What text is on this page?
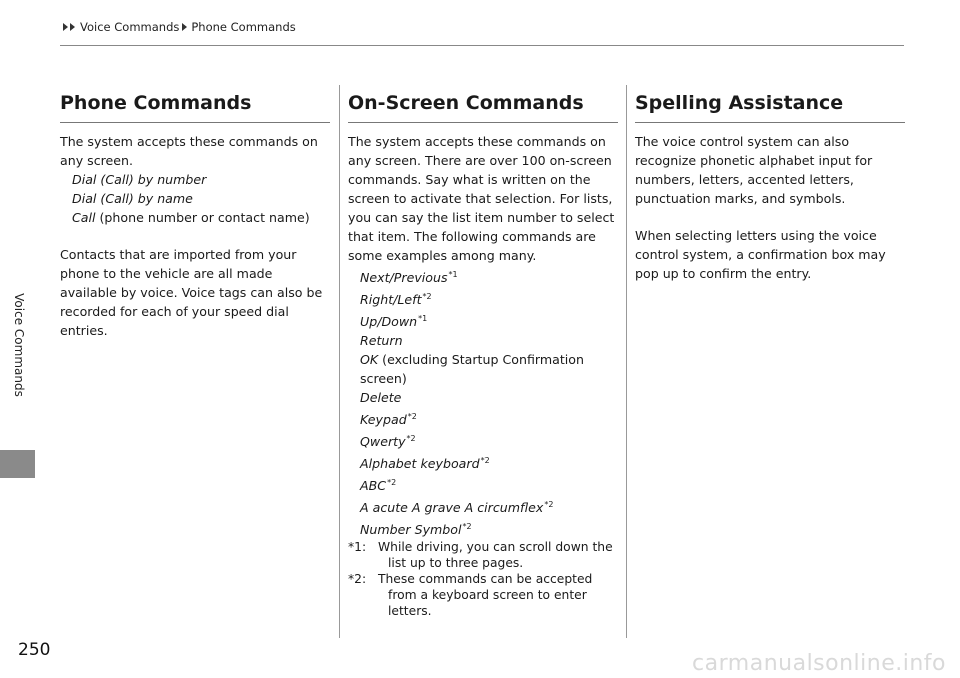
Voice Commands Phone Commands
Voice Commands
Phone Commands

The system accepts these commands on any screen.

Dial (Call) by number

Dial (Call) by name

Call (phone number or contact name)

Contacts that are imported from your phone to the vehicle are all made available by voice. Voice tags can also be recorded for each of your speed dial entries.

On-Screen Commands

The system accepts these commands on any screen. There are over 100 on-screen commands. Say what is written on the screen to activate that selection. For lists, you can say the list item number to select that item. The following commands are some examples among many.

Next/Previous$^{*1}$

Right/Left$^{*2}$

Up/Down$^{*1}$

Return

OK (excluding Startup Confirmation screen)

Delete

Keypad$^{*2}$

Qwerty$^{*2}$

Alphabet keyboard$^{*2}$

ABC$^{*2}$

A acute A grave A circumflex$^{*2}$

Number Symbol$^{*2}$

*1: While driving, you can scroll down the list up to three pages.
*2: These commands can be accepted from a keyboard screen to enter letters.
Spelling Assistance

The voice control system can also recognize phonetic alphabet input for numbers, letters, accented letters, punctuation marks, and symbols.

When selecting letters using the voice control system, a confirmation box may pop up to confirm the entry.

250
carmanualsonline.info
